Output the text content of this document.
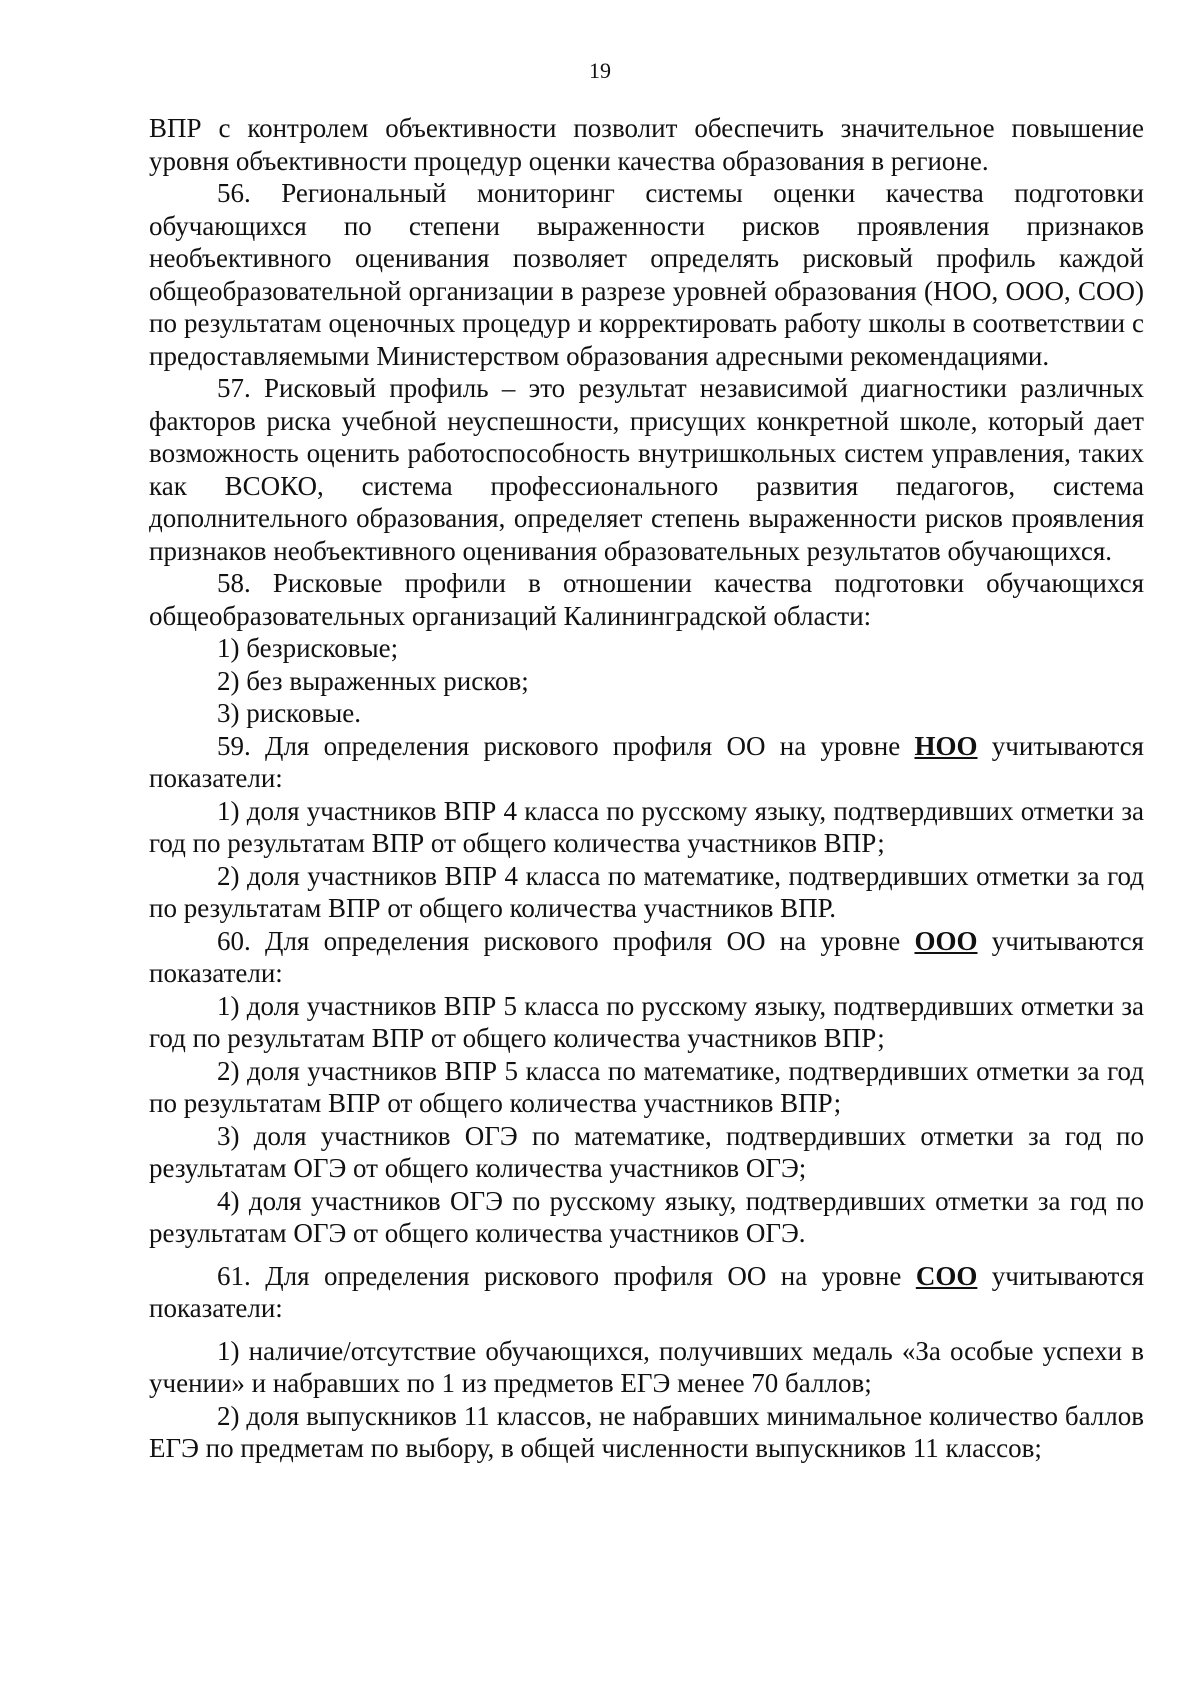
19

ВПР с контролем объективности позволит обеспечить значительное повышение уровня объективности процедур оценки качества образования в регионе.

56. Региональный мониторинг системы оценки качества подготовки обучающихся по степени выраженности рисков проявления признаков необъективного оценивания позволяет определять рисковый профиль каждой общеобразовательной организации в разрезе уровней образования (НОО, ООО, СОО) по результатам оценочных процедур и корректировать работу школы в соответствии с предоставляемыми Министерством образования адресными рекомендациями.

57. Рисковый профиль – это результат независимой диагностики различных факторов риска учебной неуспешности, присущих конкретной школе, который дает возможность оценить работоспособность внутришкольных систем управления, таких как ВСОКО, система профессионального развития педагогов, система дополнительного образования, определяет степень выраженности рисков проявления признаков необъективного оценивания образовательных результатов обучающихся.

58. Рисковые профили в отношении качества подготовки обучающихся общеобразовательных организаций Калининградской области:

1) безрисковые;

2) без выраженных рисков;

3) рисковые.

59. Для определения рискового профиля ОО на уровне НОО учитываются показатели:

1) доля участников ВПР 4 класса по русскому языку, подтвердивших отметки за год по результатам ВПР от общего количества участников ВПР;

2) доля участников ВПР 4 класса по математике, подтвердивших отметки за год по результатам ВПР от общего количества участников ВПР.

60. Для определения рискового профиля ОО на уровне ООО учитываются показатели:

1) доля участников ВПР 5 класса по русскому языку, подтвердивших отметки за год по результатам ВПР от общего количества участников ВПР;

2) доля участников ВПР 5 класса по математике, подтвердивших отметки за год по результатам ВПР от общего количества участников ВПР;

3) доля участников ОГЭ по математике, подтвердивших отметки за год по результатам ОГЭ от общего количества участников ОГЭ;

4) доля участников ОГЭ по русскому языку, подтвердивших отметки за год по результатам ОГЭ от общего количества участников ОГЭ.

61. Для определения рискового профиля ОО на уровне СОО учитываются показатели:

1) наличие/отсутствие обучающихся, получивших медаль «За особые успехи в учении» и набравших по 1 из предметов ЕГЭ менее 70 баллов;

2) доля выпускников 11 классов, не набравших минимальное количество баллов ЕГЭ по предметам по выбору, в общей численности выпускников 11 классов;
